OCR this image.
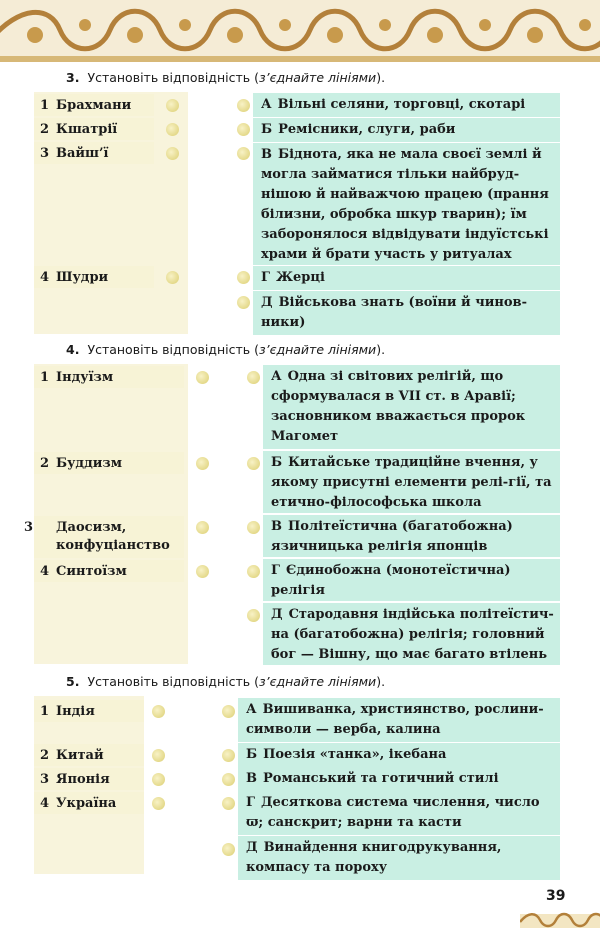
3. Установіть відповідність (з’єднайте лініями).
1 Брахмани
2 Кшатрії
3 Вайш’ї
4 Шудри
А Вільні селяни, торговці, скотарі
Б Ремісники, слуги, раби
В Біднота, яка не мала своєї землі й могла займатися тільки найбруд-нішою й найважчою працею (прання білизни, обробка шкур тварин); їм заборонялося відвідувати індуїстські храми й брати участь у ритуалах
Г Жерці
Д Військова знать (воїни й чинов-ники)
4. Установіть відповідність (з’єднайте лініями).
1 Індуїзм
2 Буддизм
3 Даосизм, конфуціанство
4 Синтоїзм
А Одна зі світових релігій, що сформувалася в VII ст. в Аравії; засновником вважається пророк Магомет
Б Китайське традиційне вчення, у якому присутні елементи релі-гії, та етично-філософська школа
В Політеїстична (багатобожна) язичницька релігія японців
Г Єдинобожна (монотеїстична) релігія
Д Стародавня індійська політеїстич-на (багатобожна) релігія; головний бог — Вішну, що має багато втілень
5. Установіть відповідність (з’єднайте лініями).
1 Індія
2 Китай
3 Японія
4 Україна
А Вишиванка, християнство, рослини-символи — верба, калина
Б Поезія «танка», ікебана
В Романський та готичний стилі
Г Десяткова система числення, число ϖ; санскрит; варни та касти
Д Винайдення книгодрукування, компасу та пороху
39
